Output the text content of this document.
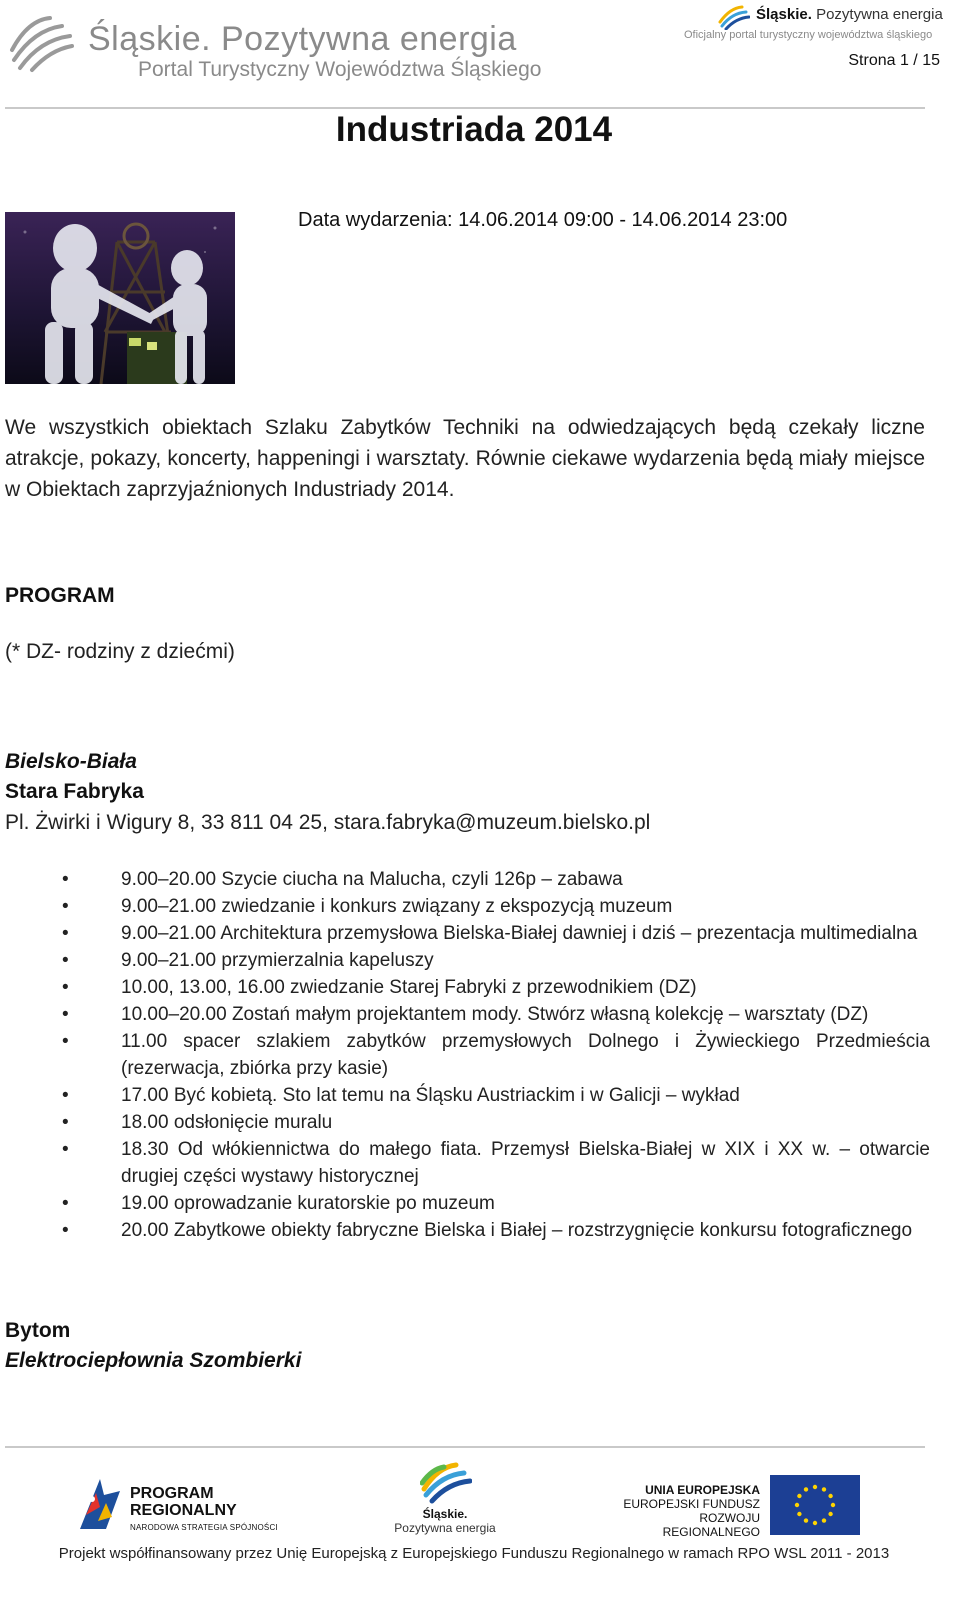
Śląskie. Pozytywna energia
Portal Turystyczny Województwa Śląskiego
Śląskie. Pozytywna energia
Oficjalny portal turystyczny województwa śląskiego
Strona 1 / 15
Industriada 2014
Data wydarzenia: 14.06.2014 09:00 - 14.06.2014 23:00
We wszystkich obiektach Szlaku Zabytków Techniki na odwiedzających będą czekały liczne atrakcje, pokazy, koncerty, happeningi i warsztaty. Równie ciekawe wydarzenia będą miały miejsce w Obiektach zaprzyjaźnionych Industriady 2014.
PROGRAM
(* DZ- rodziny z dziećmi)
Bielsko-Biała
Stara Fabryka
Pl. Żwirki i Wigury 8, 33 811 04 25, stara.fabryka@muzeum.bielsko.pl
•	9.00–20.00 Szycie ciucha na Malucha, czyli 126p – zabawa
•	9.00–21.00 zwiedzanie i konkurs związany z ekspozycją muzeum
•	9.00–21.00 Architektura przemysłowa Bielska-Białej dawniej i dziś – prezentacja multimedialna
•	9.00–21.00 przymierzalnia kapeluszy
•	10.00, 13.00, 16.00 zwiedzanie Starej Fabryki z przewodnikiem (DZ)
•	10.00–20.00 Zostań małym projektantem mody. Stwórz własną kolekcję – warsztaty (DZ)
•	11.00 spacer szlakiem zabytków przemysłowych Dolnego i Żywieckiego Przedmieścia (rezerwacja, zbiórka przy kasie)
•	17.00 Być kobietą. Sto lat temu na Śląsku Austriackim i w Galicji – wykład
•	18.00 odsłonięcie muralu
•	18.30 Od włókiennictwa do małego fiata. Przemysł Bielska-Białej w XIX i XX w. – otwarcie drugiej części wystawy historycznej
•	19.00 oprowadzanie kuratorskie po muzeum
•	20.00 Zabytkowe obiekty fabryczne Bielska i Białej – rozstrzygnięcie konkursu fotograficznego
Bytom
Elektrociepłownia Szombierki
PROGRAM
REGIONALNY
NARODOWA STRATEGIA SPÓJNOŚCI
Śląskie.
Pozytywna energia
UNIA EUROPEJSKA
EUROPEJSKI FUNDUSZ
ROZWOJU REGIONALNEGO
Projekt współfinansowany przez Unię Europejską z Europejskiego Funduszu Regionalnego w ramach RPO WSL 2011 - 2013
